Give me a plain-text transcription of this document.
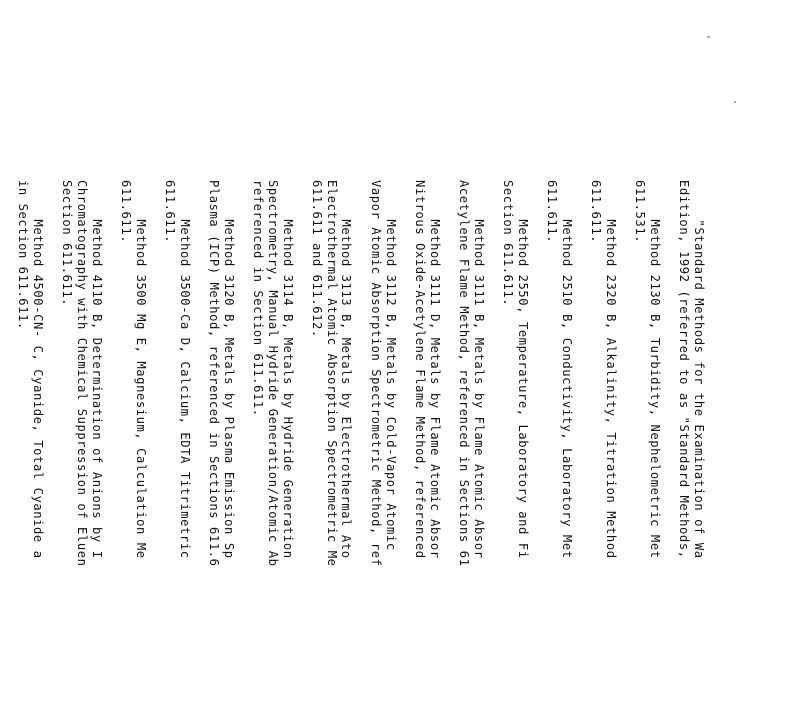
"Standard Methods for the Examination of Wa
Edition, 1992 (referred to as "Standard Methods,
Method 2130 B, Turbidity, Nephelometric Met
611.531.
Method 2320 B, Alkalinity, Titration Method
611.611.
Method 2510 B, Conductivity, Laboratory Met
611.611.
Method 2550, Temperature, Laboratory and Fi
Section 611.611.
Method 3111 B, Metals by Flame Atomic Absor
Acetylene Flame Method, referenced in Sections 61
Method 3111 D, Metals by Flame Atomic Absor
Nitrous Oxide-Acetylene Flame Method, referenced
Method 3112 B, Metals by Cold-Vapor Atomic
Vapor Atomic Absorption Spectrometric Method, ref
Method 3113 B, Metals by Electrothermal Ato
Electrothermal Atomic Absorption Spectrometric Me
611.611 and 611.612.
Method 3114 B, Metals by Hydride Generation
Spectrometry, Manual Hydride Generation/Atomic Ab
referenced in Section 611.611.
Method 3120 B, Metals by Plasma Emission Sp
Plasma (ICP) Method, referenced in Sections 611.6
Method 3500-Ca D, Calcium, EDTA Titrimetric
611.611.
Method 3500 Mg E, Magnesium, Calculation Me
611.611.
Method 4110 B, Determination of Anions by I
Chromatography with Chemical Suppression of Eluen
Section 611.611.
Method 4500-CN- C, Cyanide, Total Cyanide a
in Section 611.611.
